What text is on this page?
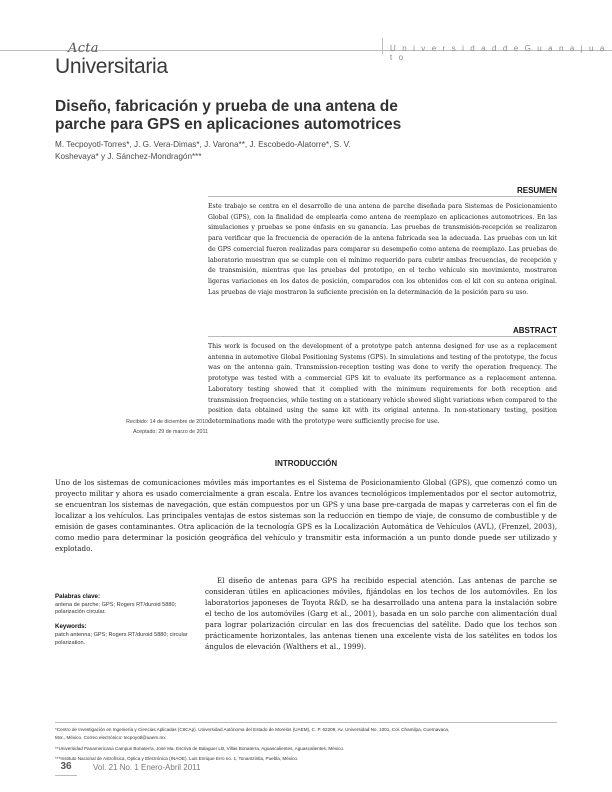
Acta
Universitaria
U n i v e r s i d a d d e G u a n a j u a t o
Diseño, fabricación y prueba de una antena de parche para GPS en aplicaciones automotrices
M. Tecpoyotl-Torres*, J. G. Vera-Dimas*, J. Varona**, J. Escobedo-Alatorre*, S. V. Koshevaya* y J. Sánchez-Mondragón***
RESUMEN
Este trabajo se centra en el desarrollo de una antena de parche diseñada para Sistemas de Posicionamiento Global (GPS), con la finalidad de emplearla como antena de reemplazo en aplicaciones automotrices. En las simulaciones y pruebas se pone énfasis en su ganancia. Las pruebas de transmisión-recepción se realizaron para verificar que la frecuencia de operación de la antena fabricada sea la adecuada. Las pruebas con un kit de GPS comercial fueron realizadas para comparar su desempeño como antena de reemplazo. Las pruebas de laboratorio muestran que se cumple con el mínimo requerido para cubrir ambas frecuencias, de recepción y de transmisión, mientras que las pruebas del prototipo, en el techo vehículo sin movimiento, mostraron ligeras variaciones en los datos de posición, comparados con los obtenidos con el kit con su antena original. Las pruebas de viaje mostraron la suficiente precisión en la determinación de la posición para su uso.
ABSTRACT
This work is focused on the development of a prototype patch antenna designed for use as a replacement antenna in automotive Global Positioning Systems (GPS). In simulations and testing of the prototype, the focus was on the antenna gain. Transmission-reception testing was done to verify the operation frequency. The prototype was tested with a commercial GPS kit to evaluate its performance as a replacement antenna. Laboratory testing showed that it complied with the minimum requirements for both reception and transmission frequencies, while testing on a stationary vehicle showed slight variations when compared to the position data obtained using the same kit with its original antenna. In non-stationary testing, position determinations made with the prototype were sufficiently precise for use.
Recibido: 14 de diciembre de 2010
Aceptado: 29 de marzo de 2011
INTRODUCCIÓN
Uno de los sistemas de comunicaciones móviles más importantes es el Sistema de Posicionamiento Global (GPS), que comenzó como un proyecto militar y ahora es usado comercialmente a gran escala. Entre los avances tecnológicos implementados por el sector automotriz, se encuentran los sistemas de navegación, que están compuestos por un GPS y una base pre-cargada de mapas y carreteras con el fin de localizar a los vehículos. Las principales ventajas de estos sistemas son la reducción en tiempo de viaje, de consumo de combustible y de emisión de gases contaminantes. Otra aplicación de la tecnología GPS es la Localización Automática de Vehículos (AVL), (Frenzel, 2003), como medio para determinar la posición geográfica del vehículo y transmitir esta información a un punto donde puede ser utilizado y explotado.
El diseño de antenas para GPS ha recibido especial atención. Las antenas de parche se consideran útiles en aplicaciones móviles, fijándolas en los techos de los automóviles. En los laboratorios japoneses de Toyota R&D, se ha desarrollado una antena para la instalación sobre el techo de los automóviles (Garg et al., 2001), basada en un solo parche con alimentación dual para lograr polarización circular en las dos frecuencias del satélite. Dado que los techos son prácticamente horizontales, las antenas tienen una excelente vista de los satélites en todos los ángulos de elevación (Walthers et al., 1999).
Palabras clave:
antena de parche; GPS; Rogers RT/duroid 5880; polarización circular.
Keywords:
patch antenna; GPS; Rogers RT/duroid 5880; circular polarization.
*Centro de Investigación en Ingeniería y Ciencias Aplicadas (CIICAp). Universidad Autónoma del Estado de Morelos (UAEM), C. P. 62209, Av. Universidad No. 1001, Col. Chamilpa, Cuernavaca,
Mor., México. Correo electrónico: tecpoyotl@uaem.mx
**Universidad Panamericana Campus Bonaterra. José Ma. Escrivá de Balaguer LB, Villas Bonaterra, Aguascalientes, Aguascalientes, México.
***Instituto Nacional de Astrofísica, Óptica y Electrónica (INAOE). Luis Enrique Erro no. 1, Tonantzintla, Puebla, México.
36	Vol. 21 No. 1 Enero-Abril 2011
